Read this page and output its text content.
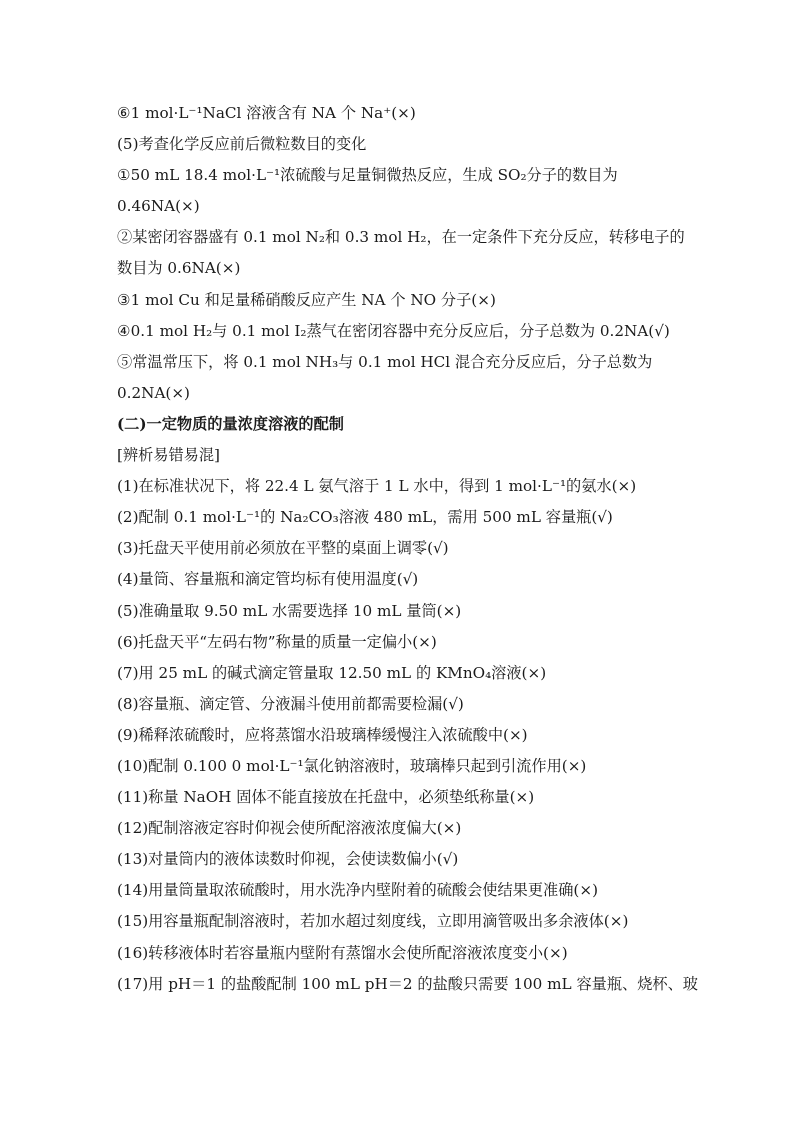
⑥1 mol·L⁻¹NaCl 溶液含有 NA 个 Na⁺(×)
(5)考查化学反应前后微粒数目的变化
①50 mL 18.4 mol·L⁻¹浓硫酸与足量铜微热反应，生成 SO₂分子的数目为
0.46NA(×)
②某密闭容器盛有 0.1 mol N₂和 0.3 mol H₂，在一定条件下充分反应，转移电子的
数目为 0.6NA(×)
③1 mol Cu 和足量稀硝酸反应产生 NA 个 NO 分子(×)
④0.1 mol H₂与 0.1 mol I₂蒸气在密闭容器中充分反应后，分子总数为 0.2NA(√)
⑤常温常压下，将 0.1 mol NH₃与 0.1 mol HCl 混合充分反应后，分子总数为
0.2NA(×)
(二)一定物质的量浓度溶液的配制
[辨析易错易混]
(1)在标准状况下，将 22.4 L 氨气溶于 1 L 水中，得到 1 mol·L⁻¹的氨水(×)
(2)配制 0.1 mol·L⁻¹的 Na₂CO₃溶液 480 mL，需用 500 mL 容量瓶(√)
(3)托盘天平使用前必须放在平整的桌面上调零(√)
(4)量筒、容量瓶和滴定管均标有使用温度(√)
(5)准确量取 9.50 mL 水需要选择 10 mL 量筒(×)
(6)托盘天平“左码右物”称量的质量一定偏小(×)
(7)用 25 mL 的碱式滴定管量取 12.50 mL 的 KMnO₄溶液(×)
(8)容量瓶、滴定管、分液漏斗使用前都需要检漏(√)
(9)稀释浓硫酸时，应将蒸馏水沿玻璃棒缓慢注入浓硫酸中(×)
(10)配制 0.100 0 mol·L⁻¹氯化钠溶液时，玻璃棒只起到引流作用(×)
(11)称量 NaOH 固体不能直接放在托盘中，必须垫纸称量(×)
(12)配制溶液定容时仰视会使所配溶液浓度偏大(×)
(13)对量筒内的液体读数时仰视，会使读数偏小(√)
(14)用量筒量取浓硫酸时，用水洗净内壁附着的硫酸会使结果更准确(×)
(15)用容量瓶配制溶液时，若加水超过刻度线，立即用滴管吸出多余液体(×)
(16)转移液体时若容量瓶内壁附有蒸馏水会使所配溶液浓度变小(×)
(17)用 pH＝1 的盐酸配制 100 mL pH＝2 的盐酸只需要 100 mL 容量瓶、烧杯、玻
